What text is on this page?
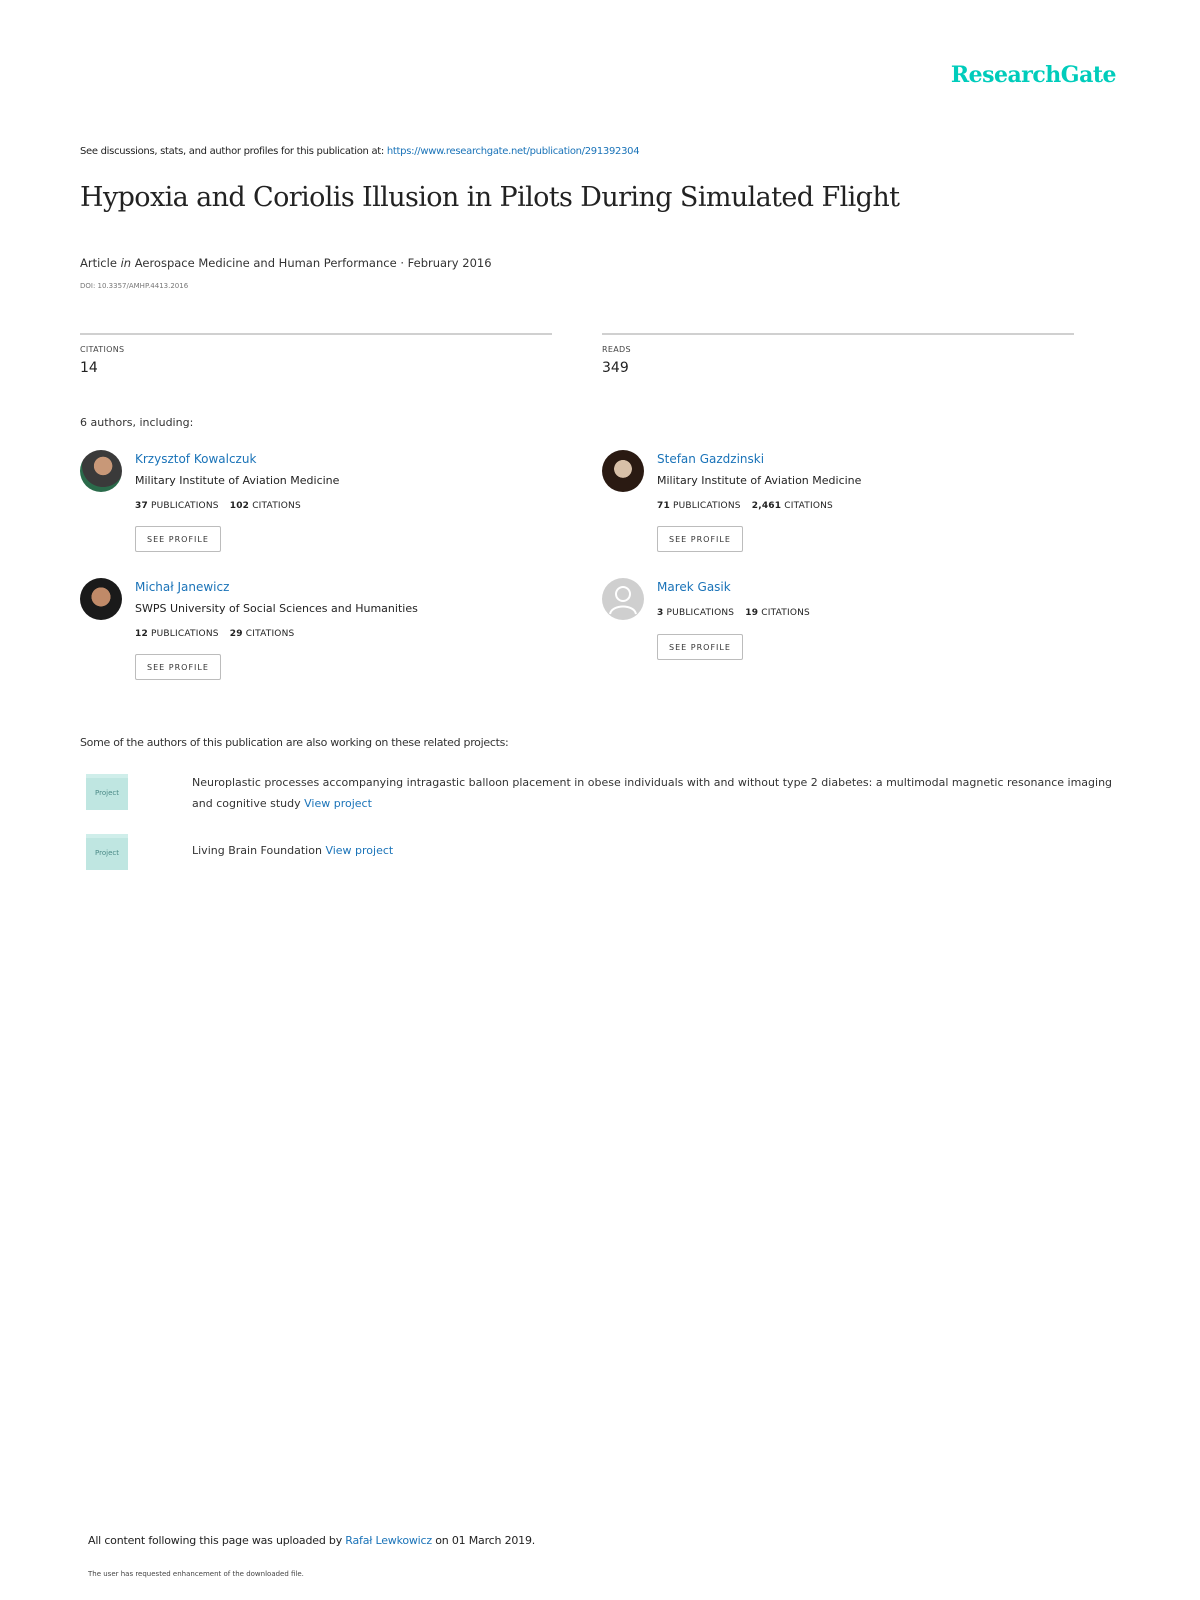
ResearchGate
See discussions, stats, and author profiles for this publication at: https://www.researchgate.net/publication/291392304
Hypoxia and Coriolis Illusion in Pilots During Simulated Flight
Article in Aerospace Medicine and Human Performance · February 2016
DOI: 10.3357/AMHP.4413.2016
CITATIONS
14
READS
349
6 authors, including:
Krzysztof Kowalczuk
Military Institute of Aviation Medicine
37 PUBLICATIONS 102 CITATIONS
SEE PROFILE
Stefan Gazdzinski
Military Institute of Aviation Medicine
71 PUBLICATIONS 2,461 CITATIONS
SEE PROFILE
Michał Janewicz
SWPS University of Social Sciences and Humanities
12 PUBLICATIONS 29 CITATIONS
SEE PROFILE
Marek Gasik
3 PUBLICATIONS 19 CITATIONS
SEE PROFILE
Some of the authors of this publication are also working on these related projects:
Project
Neuroplastic processes accompanying intragastic balloon placement in obese individuals with and without type 2 diabetes: a multimodal magnetic resonance imaging and cognitive study View project
Project	Living Brain Foundation View project
All content following this page was uploaded by Rafał Lewkowicz on 01 March 2019.
The user has requested enhancement of the downloaded file.
